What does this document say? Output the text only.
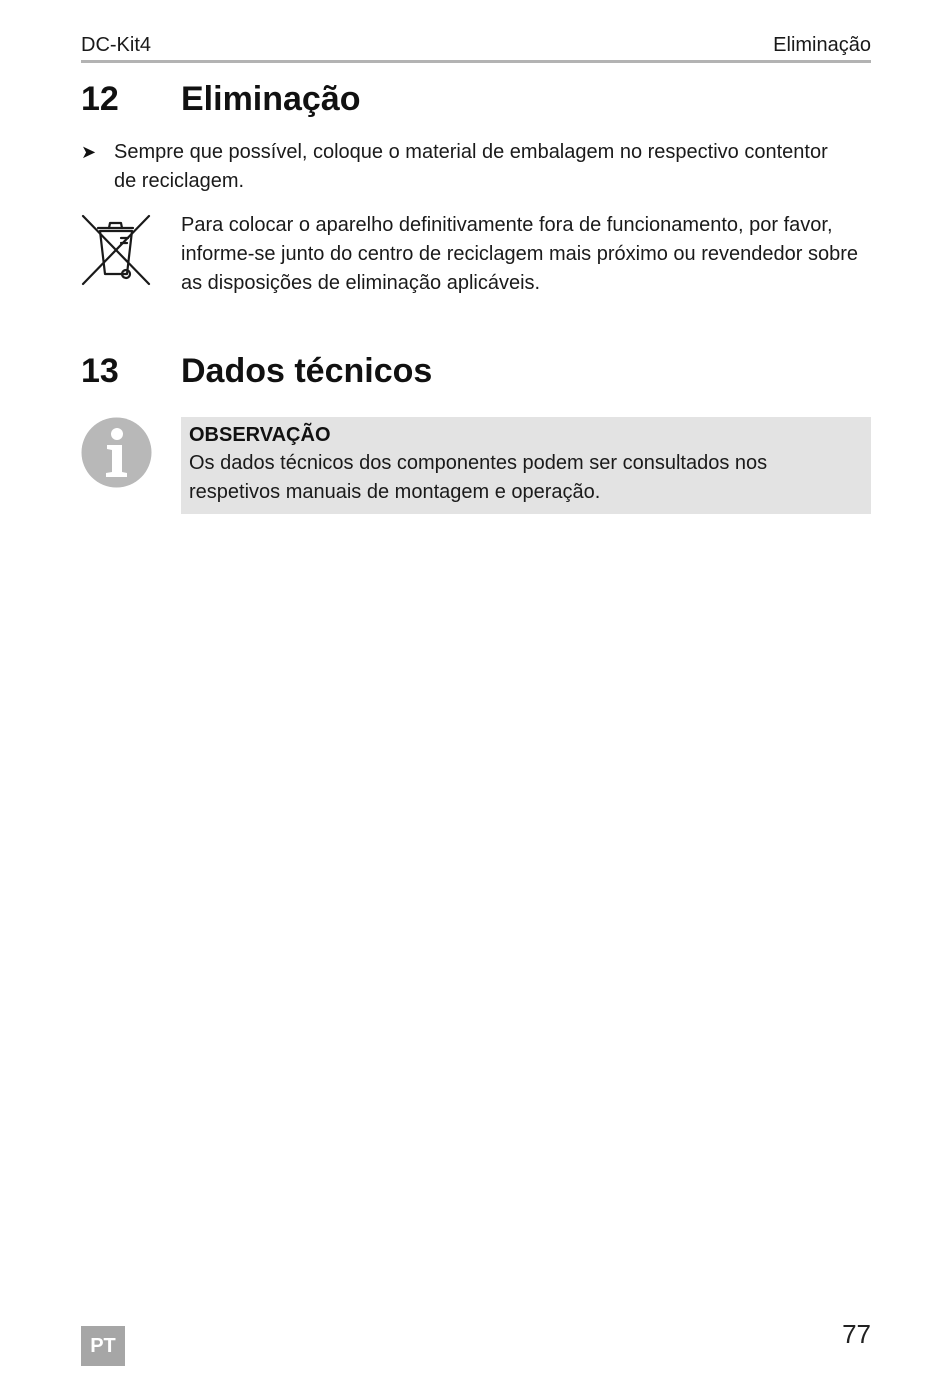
DC-Kit4	Eliminação
12	Eliminação
➤ Sempre que possível, coloque o material de embalagem no respectivo contentor de reciclagem.
Para colocar o aparelho definitivamente fora de funcionamento, por favor, informe-se junto do centro de reciclagem mais próximo ou revendedor sobre as disposições de eliminação aplicáveis.
13	Dados técnicos
OBSERVAÇÃO
Os dados técnicos dos componentes podem ser consultados nos respetivos manuais de montagem e operação.
PT	77
